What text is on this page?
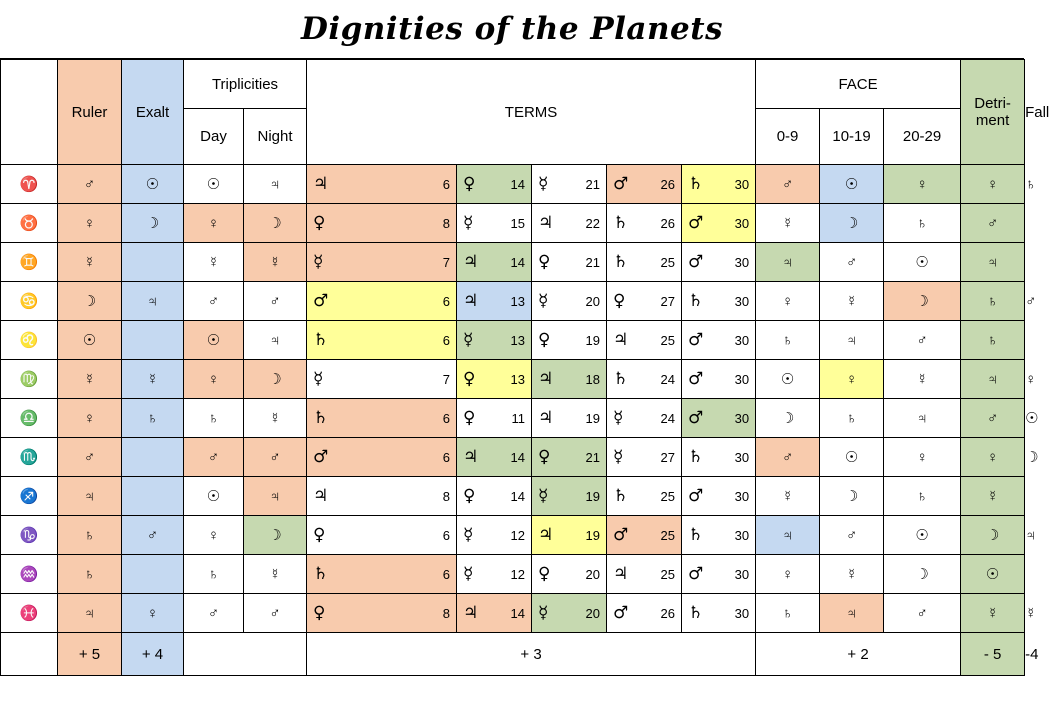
Dignities of the Planets
	Ruler	Exalt	Triplicities		TERMS					FACE			Detri-
ment	Fall
			Day	Night						0-9	10-19	20-29		
♈	♂	☉	☉	♃	♃ 6	♀ 14	☿ 21	♂ 26	♄ 30	♂	☉	♀	♀	♄
♉	♀	☽	♀	☽	♀ 8	☿ 15	♃ 22	♄ 26	♂ 30	☿	☽	♄	♂	
♊	☿		☿	☿	☿ 7	♃ 14	♀ 21	♄ 25	♂ 30	♃	♂	☉	♃	
♋	☽	♃	♂	♂	♂ 6	♃ 13	☿ 20	♀ 27	♄ 30	♀	☿	☽	♄	♂
♌	☉		☉	♃	♄ 6	☿ 13	♀ 19	♃ 25	♂ 30	♄	♃	♂	♄	
♍	☿	☿	♀	☽	☿ 7	♀ 13	♃ 18	♄ 24	♂ 30	☉	♀	☿	♃	♀
♎	♀	♄	♄	☿	♄ 6	♀ 11	♃ 19	☿ 24	♂ 30	☽	♄	♃	♂	☉
♏	♂		♂	♂	♂ 6	♃ 14	♀ 21	☿ 27	♄ 30	♂	☉	♀	♀	☽
♐	♃		☉	♃	♃ 8	♀ 14	☿ 19	♄ 25	♂ 30	☿	☽	♄	☿	
♑	♄	♂	♀	☽	♀ 6	☿ 12	♃ 19	♂ 25	♄ 30	♃	♂	☉	☽	♃
♒	♄		♄	☿	♄ 6	☿ 12	♀ 20	♃ 25	♂ 30	♀	☿	☽	☉	
♓	♃	♀	♂	♂	♀ 8	♃ 14	☿ 20	♂ 26	♄ 30	♄	♃	♂	☿	☿
	+ 5	+ 4			+ 3					+ 2			- 5	-4
